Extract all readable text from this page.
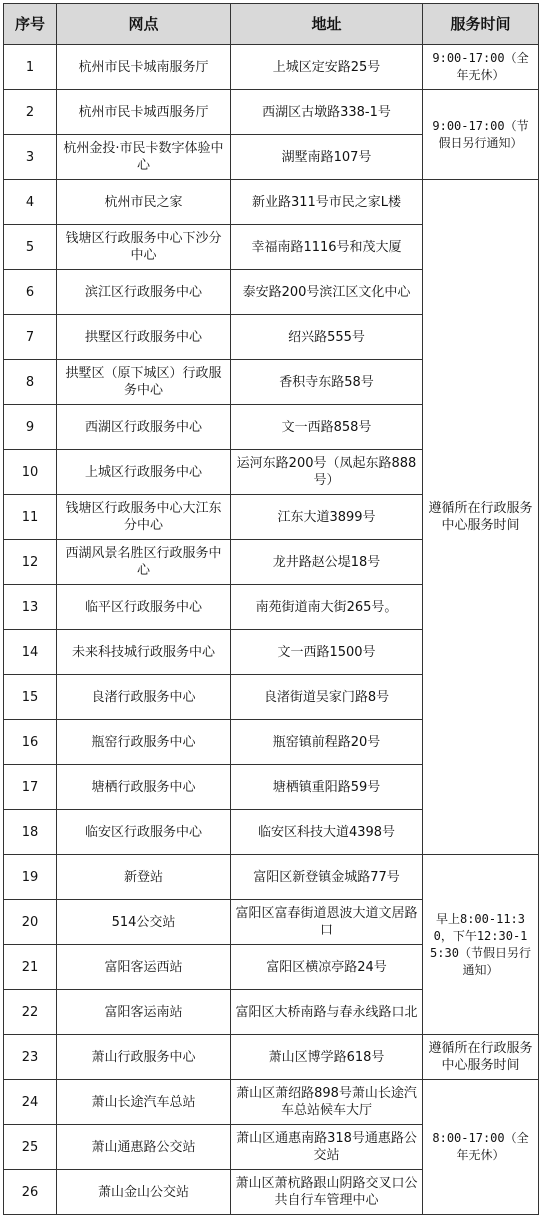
序号	网点	地址	服务时间
1	杭州市民卡城南服务厅	上城区定安路25号	9:00-17:00（全年无休）
2	杭州市民卡城西服务厅	西湖区古墩路338-1号	9:00-17:00（节假日另行通知）
3	杭州金投·市民卡数字体验中心	湖墅南路107号	
4	杭州市民之家	新业路311号市民之家L楼	遵循所在行政服务中心服务时间
5	钱塘区行政服务中心下沙分中心	幸福南路1116号和茂大厦	
6	滨江区行政服务中心	泰安路200号滨江区文化中心	
7	拱墅区行政服务中心	绍兴路555号	
8	拱墅区（原下城区）行政服务中心	香积寺东路58号	
9	西湖区行政服务中心	文一西路858号	
10	上城区行政服务中心	运河东路200号（凤起东路888号）	
11	钱塘区行政服务中心大江东分中心	江东大道3899号	
12	西湖风景名胜区行政服务中心	龙井路赵公堤18号	
13	临平区行政服务中心	南苑街道南大街265号。	
14	未来科技城行政服务中心	文一西路1500号	
15	良渚行政服务中心	良渚街道吴家门路8号	
16	瓶窑行政服务中心	瓶窑镇前程路20号	
17	塘栖行政服务中心	塘栖镇重阳路59号	
18	临安区行政服务中心	临安区科技大道4398号	
19	新登站	富阳区新登镇金城路77号	早上8:00-11:30，下午12:30-15:30（节假日另行通知）
20	514公交站	富阳区富春街道恩波大道文居路口	
21	富阳客运西站	富阳区横凉亭路24号	
22	富阳客运南站	富阳区大桥南路与春永线路口北	
23	萧山行政服务中心	萧山区博学路618号	遵循所在行政服务中心服务时间
24	萧山长途汽车总站	萧山区萧绍路898号萧山长途汽车总站候车大厅	8:00-17:00（全年无休）
25	萧山通惠路公交站	萧山区通惠南路318号通惠路公交站	
26	萧山金山公交站	萧山区萧杭路跟山阴路交叉口公共自行车管理中心	
